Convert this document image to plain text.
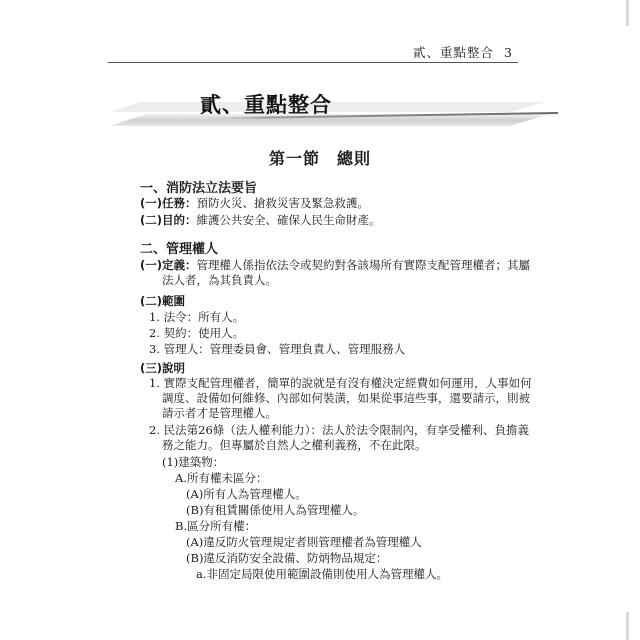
貳、重點整合 3
貳、重點整合
第一節　總則
一、消防法立法要旨
(一)任務：預防火災、搶救災害及緊急救護。
(二)目的：維護公共安全、確保人民生命財產。
二、管理權人
(一)定義：管理權人係指依法令或契約對各該場所有實際支配管理權者；其屬
法人者，為其負責人。
(二)範圍
1. 法令：所有人。
2. 契約：使用人。
3. 管理人：管理委員會、管理負責人、管理服務人
(三)說明
1. 實際支配管理權者，簡單的說就是有沒有權決定經費如何運用，人事如何
調度、設備如何維修、內部如何裝潢，如果從事這些事，還要請示，則被
請示者才是管理權人。
2. 民法第26條（法人權利能力）：法人於法令限制內，有享受權利、負擔義
務之能力。但專屬於自然人之權利義務，不在此限。
(1)建築物：
A.所有權未區分：
(A)所有人為管理權人。
(B)有租賃關係使用人為管理權人。
B.區分所有權：
(A)違反防火管理規定者則管理權者為管理權人
(B)違反消防安全設備、防炳物品規定：
a.非固定局限使用範圍設備則使用人為管理權人。
